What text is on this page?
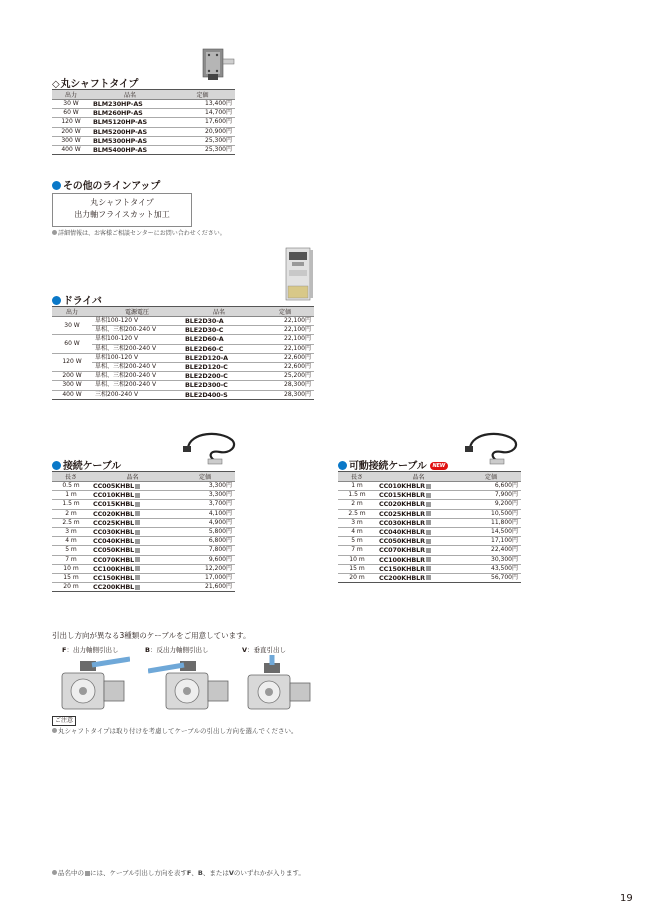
◇丸シャフトタイプ
出力	品名	定価
30 W	BLM230HP-AS	13,400円
60 W	BLM260HP-AS	14,700円
120 W	BLM5120HP-AS	17,600円
200 W	BLM5200HP-AS	20,900円
300 W	BLM5300HP-AS	25,300円
400 W	BLM5400HP-AS	25,300円
その他のラインアップ
丸シャフトタイプ
出力軸フライスカット加工
詳細情報は、お客様ご相談センターにお問い合わせください。
ドライバ
出力	電源電圧	品名	定価
30 W	単相100-120 V	BLE2D30-A	22,100円
	単相、三相200-240 V	BLE2D30-C	22,100円
60 W	単相100-120 V	BLE2D60-A	22,100円
	単相、三相200-240 V	BLE2D60-C	22,100円
120 W	単相100-120 V	BLE2D120-A	22,600円
	単相、三相200-240 V	BLE2D120-C	22,600円
200 W	単相、三相200-240 V	BLE2D200-C	25,200円
300 W	単相、三相200-240 V	BLE2D300-C	28,300円
400 W	三相200-240 V	BLE2D400-S	28,300円
接続ケーブル
長さ	品名	定価
0.5 m	CC005KHBL	3,300円
1 m	CC010KHBL	3,300円
1.5 m	CC015KHBL	3,700円
2 m	CC020KHBL	4,100円
2.5 m	CC025KHBL	4,900円
3 m	CC030KHBL	5,800円
4 m	CC040KHBL	6,800円
5 m	CC050KHBL	7,800円
7 m	CC070KHBL	9,600円
10 m	CC100KHBL	12,200円
15 m	CC150KHBL	17,000円
20 m	CC200KHBL	21,600円
可動接続ケーブル NEW
長さ	品名	定価
1 m	CC010KHBLR	6,600円
1.5 m	CC015KHBLR	7,900円
2 m	CC020KHBLR	9,200円
2.5 m	CC025KHBLR	10,500円
3 m	CC030KHBLR	11,800円
4 m	CC040KHBLR	14,500円
5 m	CC050KHBLR	17,100円
7 m	CC070KHBLR	22,400円
10 m	CC100KHBLR	30,300円
15 m	CC150KHBLR	43,500円
20 m	CC200KHBLR	56,700円
引出し方向が異なる3種類のケーブルをご用意しています。
F：出力軸側引出し	B：反出力軸側引出し	V：垂直引出し
ご注意
丸シャフトタイプは取り付けを考慮してケーブルの引出し方向を選んでください。
品名中の には、ケーブル引出し方向を表すF、B、またはVのいずれかが入ります。
19
